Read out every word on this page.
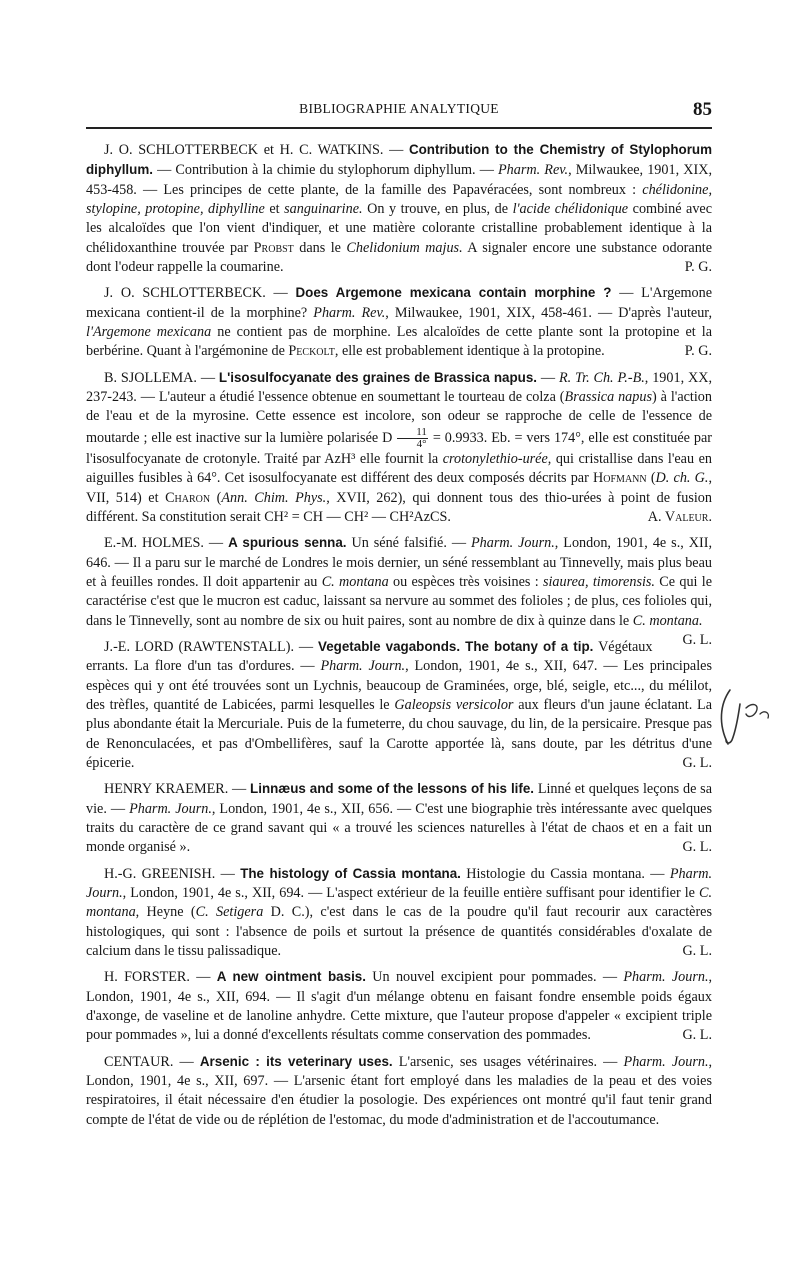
BIBLIOGRAPHIE ANALYTIQUE	85

J. O. SCHLOTTERBECK et H. C. WATKINS. — Contribution to the Chemistry of Stylophorum diphyllum. — Contribution à la chimie du stylophorum diphyllum. — Pharm. Rev., Milwaukee, 1901, XIX, 453-458. — Les principes de cette plante, de la famille des Papavéracées, sont nombreux : chélidonine, stylopine, protopine, diphylline et sanguinarine. On y trouve, en plus, de l'acide chélidonique combiné avec les alcaloïdes que l'on vient d'indiquer, et une matière colorante cristalline probablement identique à la chélidoxanthine trouvée par Probst dans le Chelidonium majus. A signaler encore une substance odorante dont l'odeur rappelle la coumarine.	P. G.

J. O. SCHLOTTERBECK. — Does Argemone mexicana contain morphine ? — L'Argemone mexicana contient-il de la morphine? Pharm. Rev., Milwaukee, 1901, XIX, 458-461. — D'après l'auteur, l'Argemone mexicana ne contient pas de morphine. Les alcaloïdes de cette plante sont la protopine et la berbérine. Quant à l'argémonine de Peckolt, elle est probablement identique à la protopine.	P. G.

B. SJOLLEMA. — L'isosulfocyanate des graines de Brassica napus. — R. Tr. Ch. P.-B., 1901, XX, 237-243. — L'auteur a étudié l'essence obtenue en soumettant le tourteau de colza (Brassica napus) à l'action de l'eau et de la myrosine. Cette essence est incolore, son odeur se rapproche de celle de l'essence de moutarde ; elle est inactive sur la lumière polarisée D $\frac{11}{4^\circ} = 0.9933$. Eb. = vers 174°, elle est constituée par l'isosulfocyanate de crotonyle. Traité par AzH³ elle fournit la crotonylethio-urée, qui cristallise dans l'eau en aiguilles fusibles à 64°. Cet isosulfocyanate est différent des deux composés décrits par Hofmann (D. ch. G., VII, 514) et Charon (Ann. Chim. Phys., XVII, 262), qui donnent tous des thio-urées à point de fusion différent. Sa constitution serait CH² = CH — CH² — CH²AzCS.	A. Valeur.

E.-M. HOLMES. — A spurious senna. Un séné falsifié. — Pharm. Journ., London, 1901, 4e s., XII, 646. — Il a paru sur le marché de Londres le mois dernier, un séné ressemblant au Tinnevelly, mais plus beau et à feuilles rondes. Il doit appartenir au C. montana ou espèces très voisines : siaurea, timorensis. Ce qui le caractérise c'est que le mucron est caduc, laissant sa nervure au sommet des folioles ; de plus, ces folioles qui, dans le Tinnevelly, sont au nombre de six ou huit paires, sont au nombre de dix à quinze dans le C. montana.
G. L.

J.-E. LORD (RAWTENSTALL). — Vegetable vagabonds. The botany of a tip. Végétaux errants. La flore d'un tas d'ordures. — Pharm. Journ., London, 1901, 4e s., XII, 647. — Les principales espèces qui y ont été trouvées sont un Lychnis, beaucoup de Graminées, orge, blé, seigle, etc..., du mélilot, des trèfles, quantité de Labicées, parmi lesquelles le Galeopsis versicolor aux fleurs d'un jaune éclatant. La plus abondante était la Mercuriale. Puis de la fumeterre, du chou sauvage, du lin, de la persicaire. Presque pas de Renonculacées, et pas d'Ombellifères, sauf la Carotte apportée là, sans doute, par les détritus d'une épicerie.	G. L.

HENRY KRAEMER. — Linnæus and some of the lessons of his life. Linné et quelques leçons de sa vie. — Pharm. Journ., London, 1901, 4e s., XII, 656. — C'est une biographie très intéressante avec quelques traits du caractère de ce grand savant qui « a trouvé les sciences naturelles à l'état de chaos et en a fait un monde organisé ».	G. L.

H.-G. GREENISH. — The histology of Cassia montana. Histologie du Cassia montana. — Pharm. Journ., London, 1901, 4e s., XII, 694. — L'aspect extérieur de la feuille entière suffisant pour identifier le C. montana, Heyne (C. Setigera D. C.), c'est dans le cas de la poudre qu'il faut recourir aux caractères histologiques, qui sont : l'absence de poils et surtout la présence de quantités considérables d'oxalate de calcium dans le tissu palissadique.	G. L.

H. FORSTER. — A new ointment basis. Un nouvel excipient pour pommades. — Pharm. Journ., London, 1901, 4e s., XII, 694. — Il s'agit d'un mélange obtenu en faisant fondre ensemble poids égaux d'axonge, de vaseline et de lanoline anhydre. Cette mixture, que l'auteur propose d'appeler « excipient triple pour pommades », lui a donné d'excellents résultats comme conservation des pommades.	G. L.

CENTAUR. — Arsenic : its veterinary uses. L'arsenic, ses usages vétérinaires. — Pharm. Journ., London, 1901, 4e s., XII, 697. — L'arsenic étant fort employé dans les maladies de la peau et des voies respiratoires, il était nécessaire d'en étudier la posologie. Des expériences ont montré qu'il faut tenir grand compte de l'état de vide ou de réplétion de l'estomac, du mode d'administration et de l'accoutumance.
